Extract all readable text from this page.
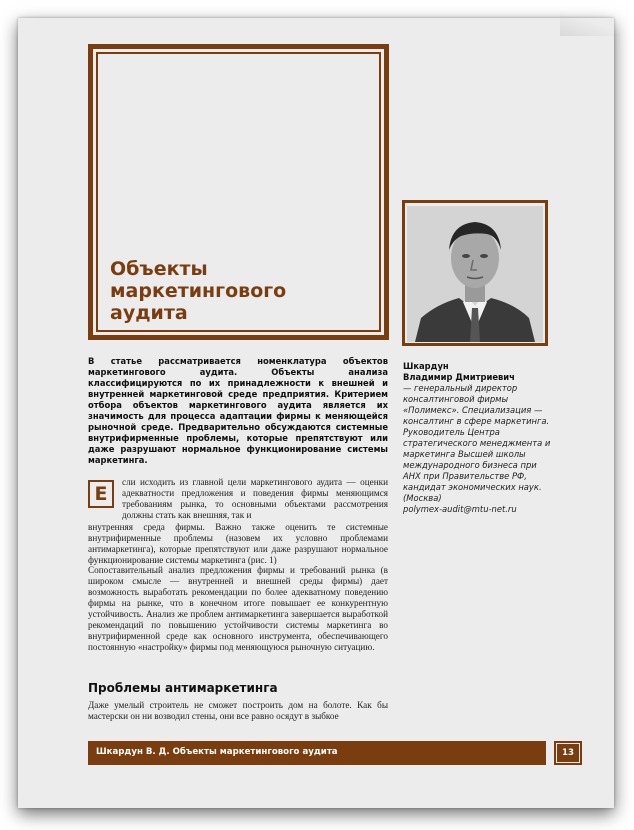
Объекты
маркетингового
аудита

В статье рассматривается номенклатура объектов маркетингового аудита. Объекты анализа классифицируются по их принадлежности к внешней и внутренней маркетинговой среде предприятия. Критерием отбора объектов маркетингового аудита является их значимость для процесса адаптации фирмы к меняющейся рыночной среде. Предварительно обсуждаются системные внутрифирменные проблемы, которые препятствуют или даже разрушают нормальное функционирование системы маркетинга.

Шкардун
Владимир Дмитриевич
— генеральный директор
консалтинговой фирмы
«Полимекс». Специализация —
консалтинг в сфере маркетинга.
Руководитель Центра
стратегического менеджмента и
маркетинга Высшей школы
международного бизнеса при
АНХ при Правительстве РФ,
кандидат экономических наук.
(Москва)
polymex-audit@mtu-net.ru
Е

сли исходить из главной цели маркетингового аудита — оценки адекватности предложения и поведения фирмы меняющимся требованиям рынка, то основными объектами рассмотрения должны стать как внешняя, так и

внутренняя среда фирмы. Важно также оценить те системные внутрифирменные проблемы (назовем их условно проблемами антимаркетинга), которые препятствуют или даже разрушают нормальное функционирование системы маркетинга (рис. 1)

Сопоставительный анализ предложения фирмы и требований рынка (в широком смысле — внутренней и внешней среды фирмы) дает возможность выработать рекомендации по более адекватному поведению фирмы на рынке, что в конечном итоге повышает ее конкурентную устойчивость. Анализ же проблем антимаркетинга завершается выработкой рекомендаций по повышению устойчивости системы маркетинга во внутрифирменной среде как основного инструмента, обеспечивающего постоянную «настройку» фирмы под меняющуюся рыночную ситуацию.

Проблемы антимаркетинга

Даже умелый строитель не сможет построить дом на болоте. Как бы мастерски он ни возводил стены, они все равно осядут в зыбкое

Шкардун В. Д. Объекты маркетингового аудита	13
